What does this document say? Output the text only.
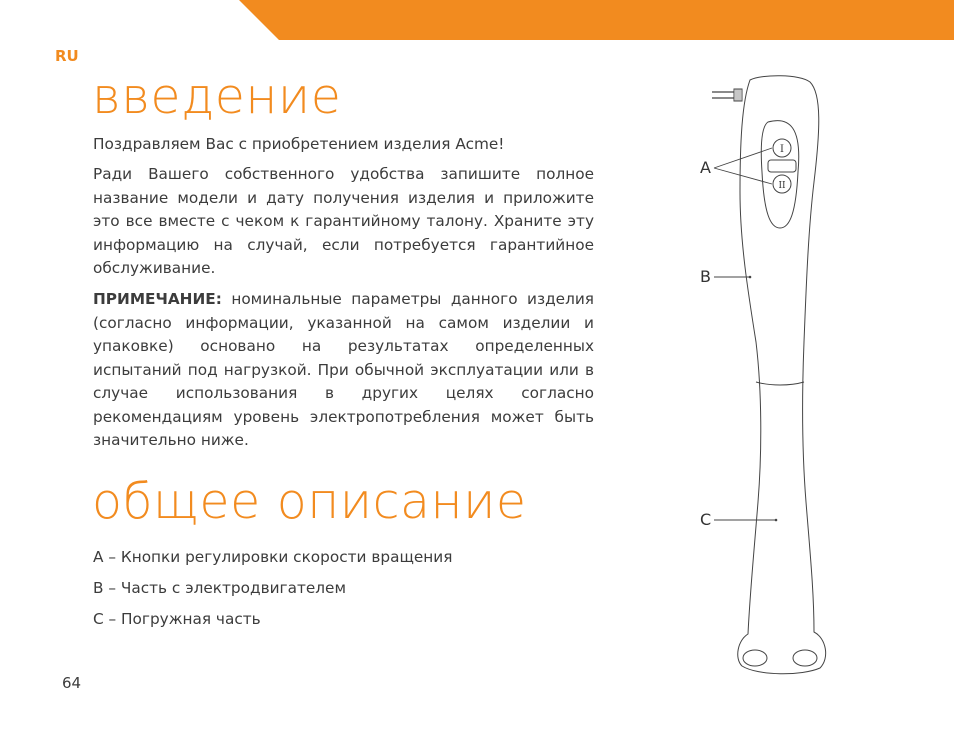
RU
введение

Поздравляем Вас с приобретением изделия Acme!

Ради Вашего собственного удобства запишите полное название модели и дату получения изделия и приложите это все вместе с чеком к гарантийному талону. Храните эту информацию на случай, если потребуется гарантийное обслуживание.

ПРИМЕЧАНИЕ: номинальные параметры данного изделия (согласно информации, указанной на самом изделии и упаковке) основано на результатах определенных испытаний под нагрузкой. При обычной эксплуатации или в случае использования в других целях согласно рекомендациям уровень электропотребления может быть значительно ниже.

общее описание
A – Кнопки регулировки скорости вращения
B – Часть с электродвигателем
C – Погружная часть
64
I
II
A
B
C
